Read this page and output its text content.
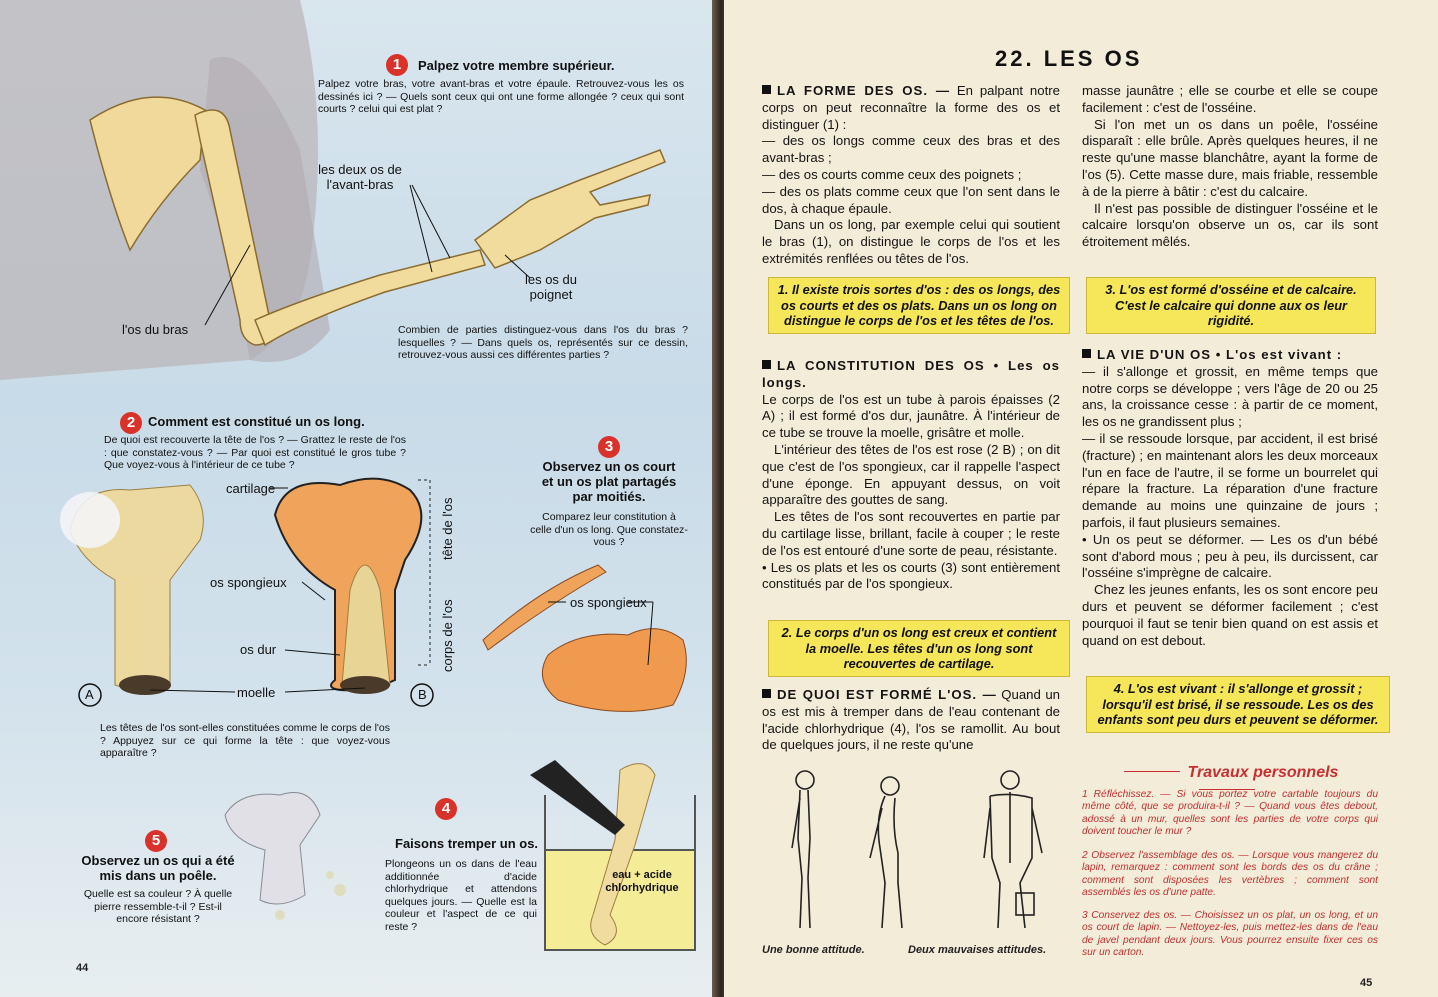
1	Palpez votre membre supérieur.
Palpez votre bras, votre avant-bras et votre épaule. Retrouvez-vous les os dessinés ici ? — Quels sont ceux qui ont une forme allongée ? ceux qui sont courts ? celui qui est plat ?
les deux os de l'avant-bras
les os du poignet
l'os du bras	Combien de parties distinguez-vous dans l'os du bras ? lesquelles ? — Dans quels os, représentés sur ce dessin, retrouvez-vous aussi ces différentes parties ?
2 Comment est constitué un os long.
De quoi est recouverte la tête de l'os ? — Grattez le reste de l'os : que constatez-vous ? — Par quoi est constitué le gros tube ? Que voyez-vous à l'intérieur de ce tube ?
cartilage
os spongieux
os dur
moelle
tête de l'os
corps de l'os
A	B
Les têtes de l'os sont-elles constituées comme le corps de l'os ? Appuyez sur ce qui forme la tête : que voyez-vous apparaître ?
3
Observez un os court et un os plat partagés par moitiés.
Comparez leur constitution à celle d'un os long. Que constatez-vous ?
os spongieux
5
Observez un os qui a été mis dans un poêle.
Quelle est sa couleur ? À quelle pierre ressemble-t-il ? Est-il encore résistant ?
4
Faisons tremper un os.
Plongeons un os dans de l'eau additionnée d'acide chlorhydrique et attendons quelques jours. — Quelle est la couleur et l'aspect de ce qui reste ?
eau + acide chlorhydrique
44
22. LES OS

LA FORME DES OS. — En palpant notre corps on peut reconnaître la forme des os et distinguer (1) :

— des os longs comme ceux des bras et des avant-bras ;

— des os courts comme ceux des poignets ;

— des os plats comme ceux que l'on sent dans le dos, à chaque épaule.

Dans un os long, par exemple celui qui soutient le bras (1), on distingue le corps de l'os et les extrémités renflées ou têtes de l'os.

1. Il existe trois sortes d'os : des os longs, des os courts et des os plats. Dans un os long on distingue le corps de l'os et les têtes de l'os.

LA CONSTITUTION DES OS • Les os longs.

Le corps de l'os est un tube à parois épaisses (2 A) ; il est formé d'os dur, jaunâtre. À l'intérieur de ce tube se trouve la moelle, grisâtre et molle.

L'intérieur des têtes de l'os est rose (2 B) ; on dit que c'est de l'os spongieux, car il rappelle l'aspect d'une éponge. En appuyant dessus, on voit apparaître des gouttes de sang.

Les têtes de l'os sont recouvertes en partie par du cartilage lisse, brillant, facile à couper ; le reste de l'os est entouré d'une sorte de peau, résistante.

• Les os plats et les os courts (3) sont entièrement constitués par de l'os spongieux.

2. Le corps d'un os long est creux et contient la moelle. Les têtes d'un os long sont recouvertes de cartilage.

DE QUOI EST FORMÉ L'OS. — Quand un os est mis à tremper dans de l'eau contenant de l'acide chlorhydrique (4), l'os se ramollit. Au bout de quelques jours, il ne reste qu'une

Une bonne attitude.	Deux mauvaises attitudes.

masse jaunâtre ; elle se courbe et elle se coupe facilement : c'est de l'osséine.

Si l'on met un os dans un poêle, l'osséine disparaît : elle brûle. Après quelques heures, il ne reste qu'une masse blanchâtre, ayant la forme de l'os (5). Cette masse dure, mais friable, ressemble à de la pierre à bâtir : c'est du calcaire.

Il n'est pas possible de distinguer l'osséine et le calcaire lorsqu'on observe un os, car ils sont étroitement mêlés.

3. L'os est formé d'osséine et de calcaire. C'est le calcaire qui donne aux os leur rigidité.

LA VIE D'UN OS • L'os est vivant :

— il s'allonge et grossit, en même temps que notre corps se développe ; vers l'âge de 20 ou 25 ans, la croissance cesse : à partir de ce moment, les os ne grandissent plus ;

— il se ressoude lorsque, par accident, il est brisé (fracture) ; en maintenant alors les deux morceaux l'un en face de l'autre, il se forme un bourrelet qui répare la fracture. La réparation d'une fracture demande au moins une quinzaine de jours ; parfois, il faut plusieurs semaines.

• Un os peut se déformer. — Les os d'un bébé sont d'abord mous ; peu à peu, ils durcissent, car l'osséine s'imprègne de calcaire.

Chez les jeunes enfants, les os sont encore peu durs et peuvent se déformer facilement ; c'est pourquoi il faut se tenir bien quand on est assis et quand on est debout.

4. L'os est vivant : il s'allonge et grossit ; lorsqu'il est brisé, il se ressoude. Les os des enfants sont peu durs et peuvent se déformer.
Travaux personnels
1 Réfléchissez. — Si vous portez votre cartable toujours du même côté, que se produira-t-il ? — Quand vous êtes debout, adossé à un mur, quelles sont les parties de votre corps qui doivent toucher le mur ?
2 Observez l'assemblage des os. — Lorsque vous mangerez du lapin, remarquez : comment sont les bords des os du crâne ; comment sont disposées les vertèbres ; comment sont assemblés les os d'une patte.
3 Conservez des os. — Choisissez un os plat, un os long, et un os court de lapin. — Nettoyez-les, puis mettez-les dans de l'eau de javel pendant deux jours. Vous pourrez ensuite fixer ces os sur un carton.
45
